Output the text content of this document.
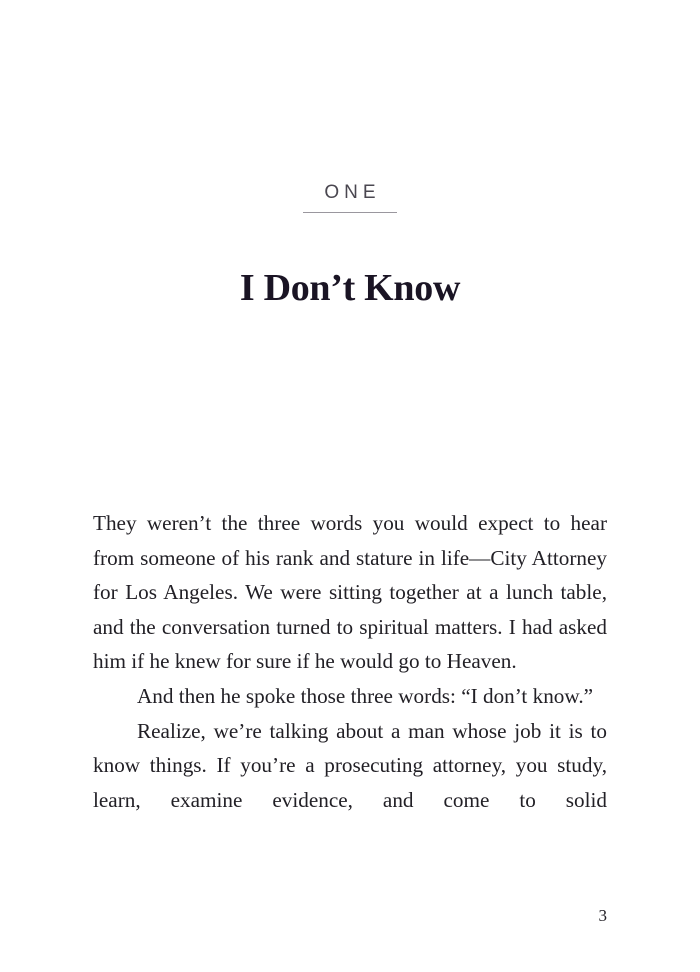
ONE
I Don’t Know

They weren’t the three words you would expect to hear from someone of his rank and stature in life—City Attorney for Los Angeles. We were sitting together at a lunch table, and the conversation turned to spiritual matters. I had asked him if he knew for sure if he would go to Heaven.

And then he spoke those three words: “I don’t know.”

Realize, we’re talking about a man whose job it is to know things. If you’re a prosecuting attorney, you study, learn, examine evidence, and come to solid

3
